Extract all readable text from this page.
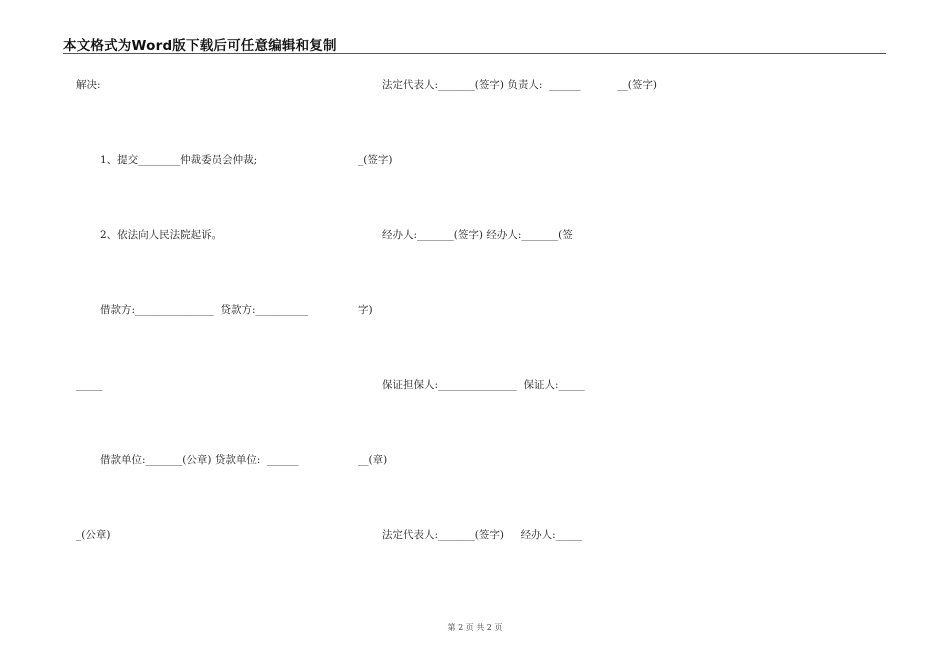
本文格式为Word版下载后可任意编辑和复制
解决:
1、提交________仲裁委员会仲裁;
2、依法向人民法院起诉。
借款方:_______________  贷款方:__________
_____
借款单位:_______(公章) 贷款单位:  ______
_(公章)
法定代表人:_______(签字) 负责人:  ______           __(签字)
_(签字)
经办人:_______(签字) 经办人:_______(签
字)
保证担保人:_______________  保证人:_____
__(章)
法定代表人:_______(签字)     经办人:_____
第 2 页 共 2 页
